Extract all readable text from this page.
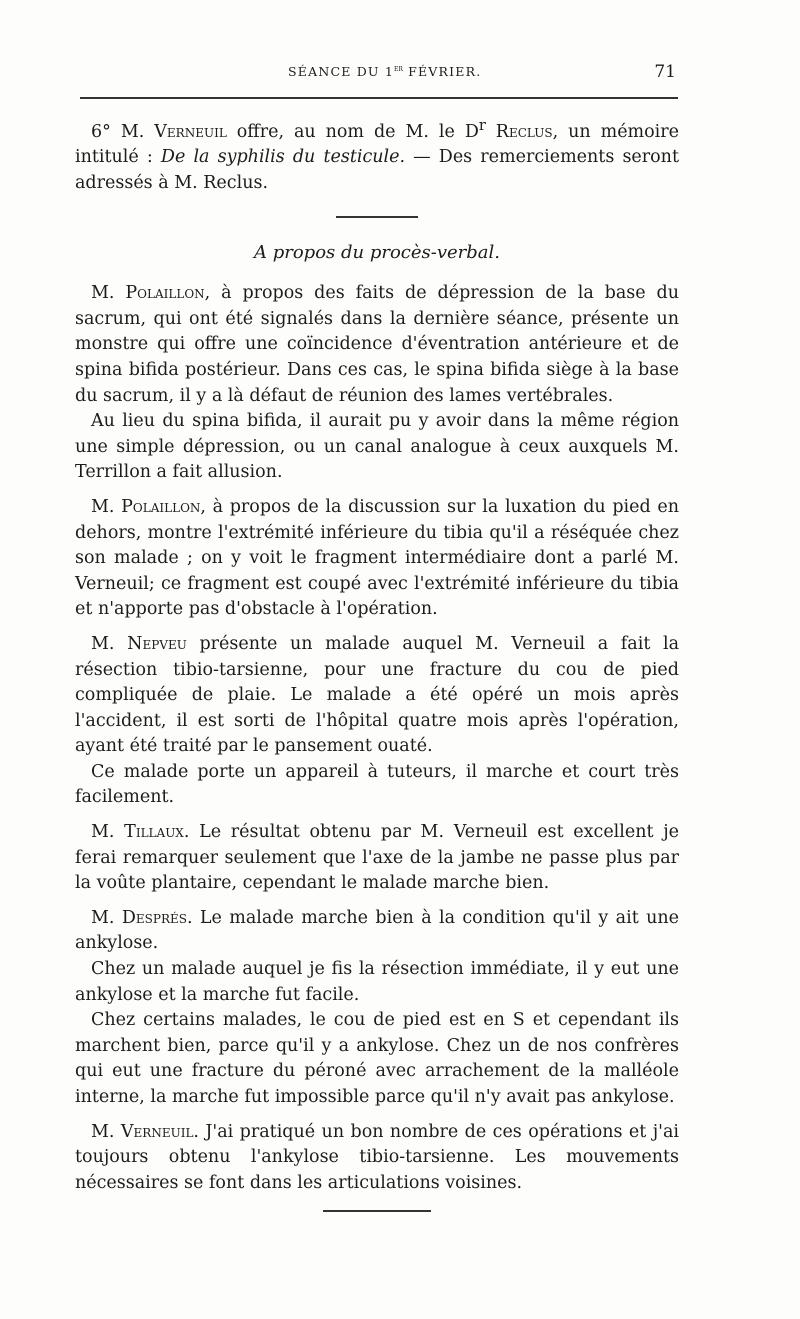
SÉANCE DU 1er FÉVRIER.	71

6° M. Verneuil offre, au nom de M. le $D^r$ Reclus, un mémoire intitulé : De la syphilis du testicule. — Des remerciements seront adressés à M. Reclus.

A propos du procès-verbal.

M. Polaillon, à propos des faits de dépression de la base du sacrum, qui ont été signalés dans la dernière séance, présente un monstre qui offre une coïncidence d'éventration antérieure et de spina bifida postérieur. Dans ces cas, le spina bifida siège à la base du sacrum, il y a là défaut de réunion des lames vertébrales.

Au lieu du spina bifida, il aurait pu y avoir dans la même région une simple dépression, ou un canal analogue à ceux auxquels M. Terrillon a fait allusion.

M. Polaillon, à propos de la discussion sur la luxation du pied en dehors, montre l'extrémité inférieure du tibia qu'il a réséquée chez son malade ; on y voit le fragment intermédiaire dont a parlé M. Verneuil; ce fragment est coupé avec l'extrémité inférieure du tibia et n'apporte pas d'obstacle à l'opération.

M. Nepveu présente un malade auquel M. Verneuil a fait la résection tibio-tarsienne, pour une fracture du cou de pied compliquée de plaie. Le malade a été opéré un mois après l'accident, il est sorti de l'hôpital quatre mois après l'opération, ayant été traité par le pansement ouaté.

Ce malade porte un appareil à tuteurs, il marche et court très facilement.

M. Tillaux. Le résultat obtenu par M. Verneuil est excellent je ferai remarquer seulement que l'axe de la jambe ne passe plus par la voûte plantaire, cependant le malade marche bien.

M. Després. Le malade marche bien à la condition qu'il y ait une ankylose.

Chez un malade auquel je fis la résection immédiate, il y eut une ankylose et la marche fut facile.

Chez certains malades, le cou de pied est en S et cependant ils marchent bien, parce qu'il y a ankylose. Chez un de nos confrères qui eut une fracture du péroné avec arrachement de la malléole interne, la marche fut impossible parce qu'il n'y avait pas ankylose.

M. Verneuil. J'ai pratiqué un bon nombre de ces opérations et j'ai toujours obtenu l'ankylose tibio-tarsienne. Les mouvements nécessaires se font dans les articulations voisines.
